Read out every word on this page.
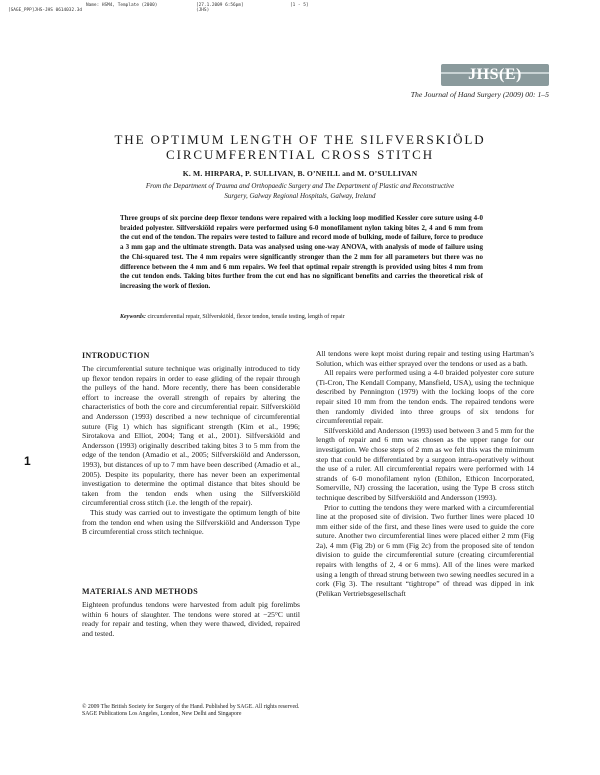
Name: HSM4, Template (2000)
[SAGE_PPP]JHS-JHS 0614032.3d
[27.1.2009 6:56pm]
(JHS)
[1 - 5]
JHS(E)
The Journal of Hand Surgery (2009) 00: 1–5

THE OPTIMUM LENGTH OF THE SILFVERSKIÖLD
CIRCUMFERENTIAL CROSS STITCH
K. M. HIRPARA, P. SULLIVAN, B. O’NEILL and M. O’SULLIVAN
From the Department of Trauma and Orthopaedic Surgery and The Department of Plastic and Reconstructive Surgery, Galway Regional Hospitals, Galway, Ireland
Three groups of six porcine deep flexor tendons were repaired with a locking loop modified Kessler core suture using 4-0 braided polyester. Silfverskiöld repairs were performed using 6-0 monofilament nylon taking bites 2, 4 and 6 mm from the cut end of the tendon. The repairs were tested to failure and record mode of bulking, mode of failure, force to produce a 3 mm gap and the ultimate strength. Data was analysed using one-way ANOVA, with analysis of mode of failure using the Chi-squared test. The 4 mm repairs were significantly stronger than the 2 mm for all parameters but there was no difference between the 4 mm and 6 mm repairs. We feel that optimal repair strength is provided using bites 4 mm from the cut tendon ends. Taking bites further from the cut end has no significant benefits and carries the theoretical risk of increasing the work of flexion.
Keywords: circumferential repair, Silfverskiöld, flexor tendon, tensile testing, length of repair
1
INTRODUCTION

The circumferential suture technique was originally introduced to tidy up flexor tendon repairs in order to ease gliding of the repair through the pulleys of the hand. More recently, there has been considerable effort to increase the overall strength of repairs by altering the characteristics of both the core and circumferential repair. Silfverskiöld and Andersson (1993) described a new technique of circumferential suture (Fig 1) which has significant strength (Kim et al., 1996; Sirotakova and Elliot, 2004; Tang et al., 2001). Silfverskiöld and Andersson (1993) originally described taking bites 3 to 5 mm from the edge of the tendon (Amadio et al., 2005; Silfverskiöld and Andersson, 1993), but distances of up to 7 mm have been described (Amadio et al., 2005). Despite its popularity, there has never been an experimental investigation to determine the optimal distance that bites should be taken from the tendon ends when using the Silfverskiöld circumferential cross stitch (i.e. the length of the repair).

This study was carried out to investigate the optimum length of bite from the tendon end when using the Silfverskiöld and Andersson Type B circumferential cross stitch technique.

MATERIALS AND METHODS

Eighteen profundus tendons were harvested from adult pig forelimbs within 6 hours of slaughter. The tendons were stored at −25°C until ready for repair and testing, when they were thawed, divided, repaired and tested.

All tendons were kept moist during repair and testing using Hartman’s Solution, which was either sprayed over the tendons or used as a bath.

All repairs were performed using a 4-0 braided polyester core suture (Ti-Cron, The Kendall Company, Mansfield, USA), using the technique described by Pennington (1979) with the locking loops of the core repair sited 10 mm from the tendon ends. The repaired tendons were then randomly divided into three groups of six tendons for circumferential repair.

Silfverskiöld and Andersson (1993) used between 3 and 5 mm for the length of repair and 6 mm was chosen as the upper range for our investigation. We chose steps of 2 mm as we felt this was the minimum step that could be differentiated by a surgeon intra-operatively without the use of a ruler. All circumferential repairs were performed with 14 strands of 6-0 monofilament nylon (Ethilon, Ethicon Incorporated, Somerville, NJ) crossing the laceration, using the Type B cross stitch technique described by Silfverskiöld and Andersson (1993).

Prior to cutting the tendons they were marked with a circumferential line at the proposed site of division. Two further lines were placed 10 mm either side of the first, and these lines were used to guide the core suture. Another two circumferential lines were placed either 2 mm (Fig 2a), 4 mm (Fig 2b) or 6 mm (Fig 2c) from the proposed site of tendon division to guide the circumferential suture (creating circumferential repairs with lengths of 2, 4 or 6 mms). All of the lines were marked using a length of thread strung between two sewing needles secured in a cork (Fig 3). The resultant “tightrope” of thread was dipped in ink (Pelikan Vertriebsgesellschaft

© 2009 The British Society for Surgery of the Hand. Published by SAGE. All rights reserved.
SAGE Publications Los Angeles, London, New Delhi and Singapore
